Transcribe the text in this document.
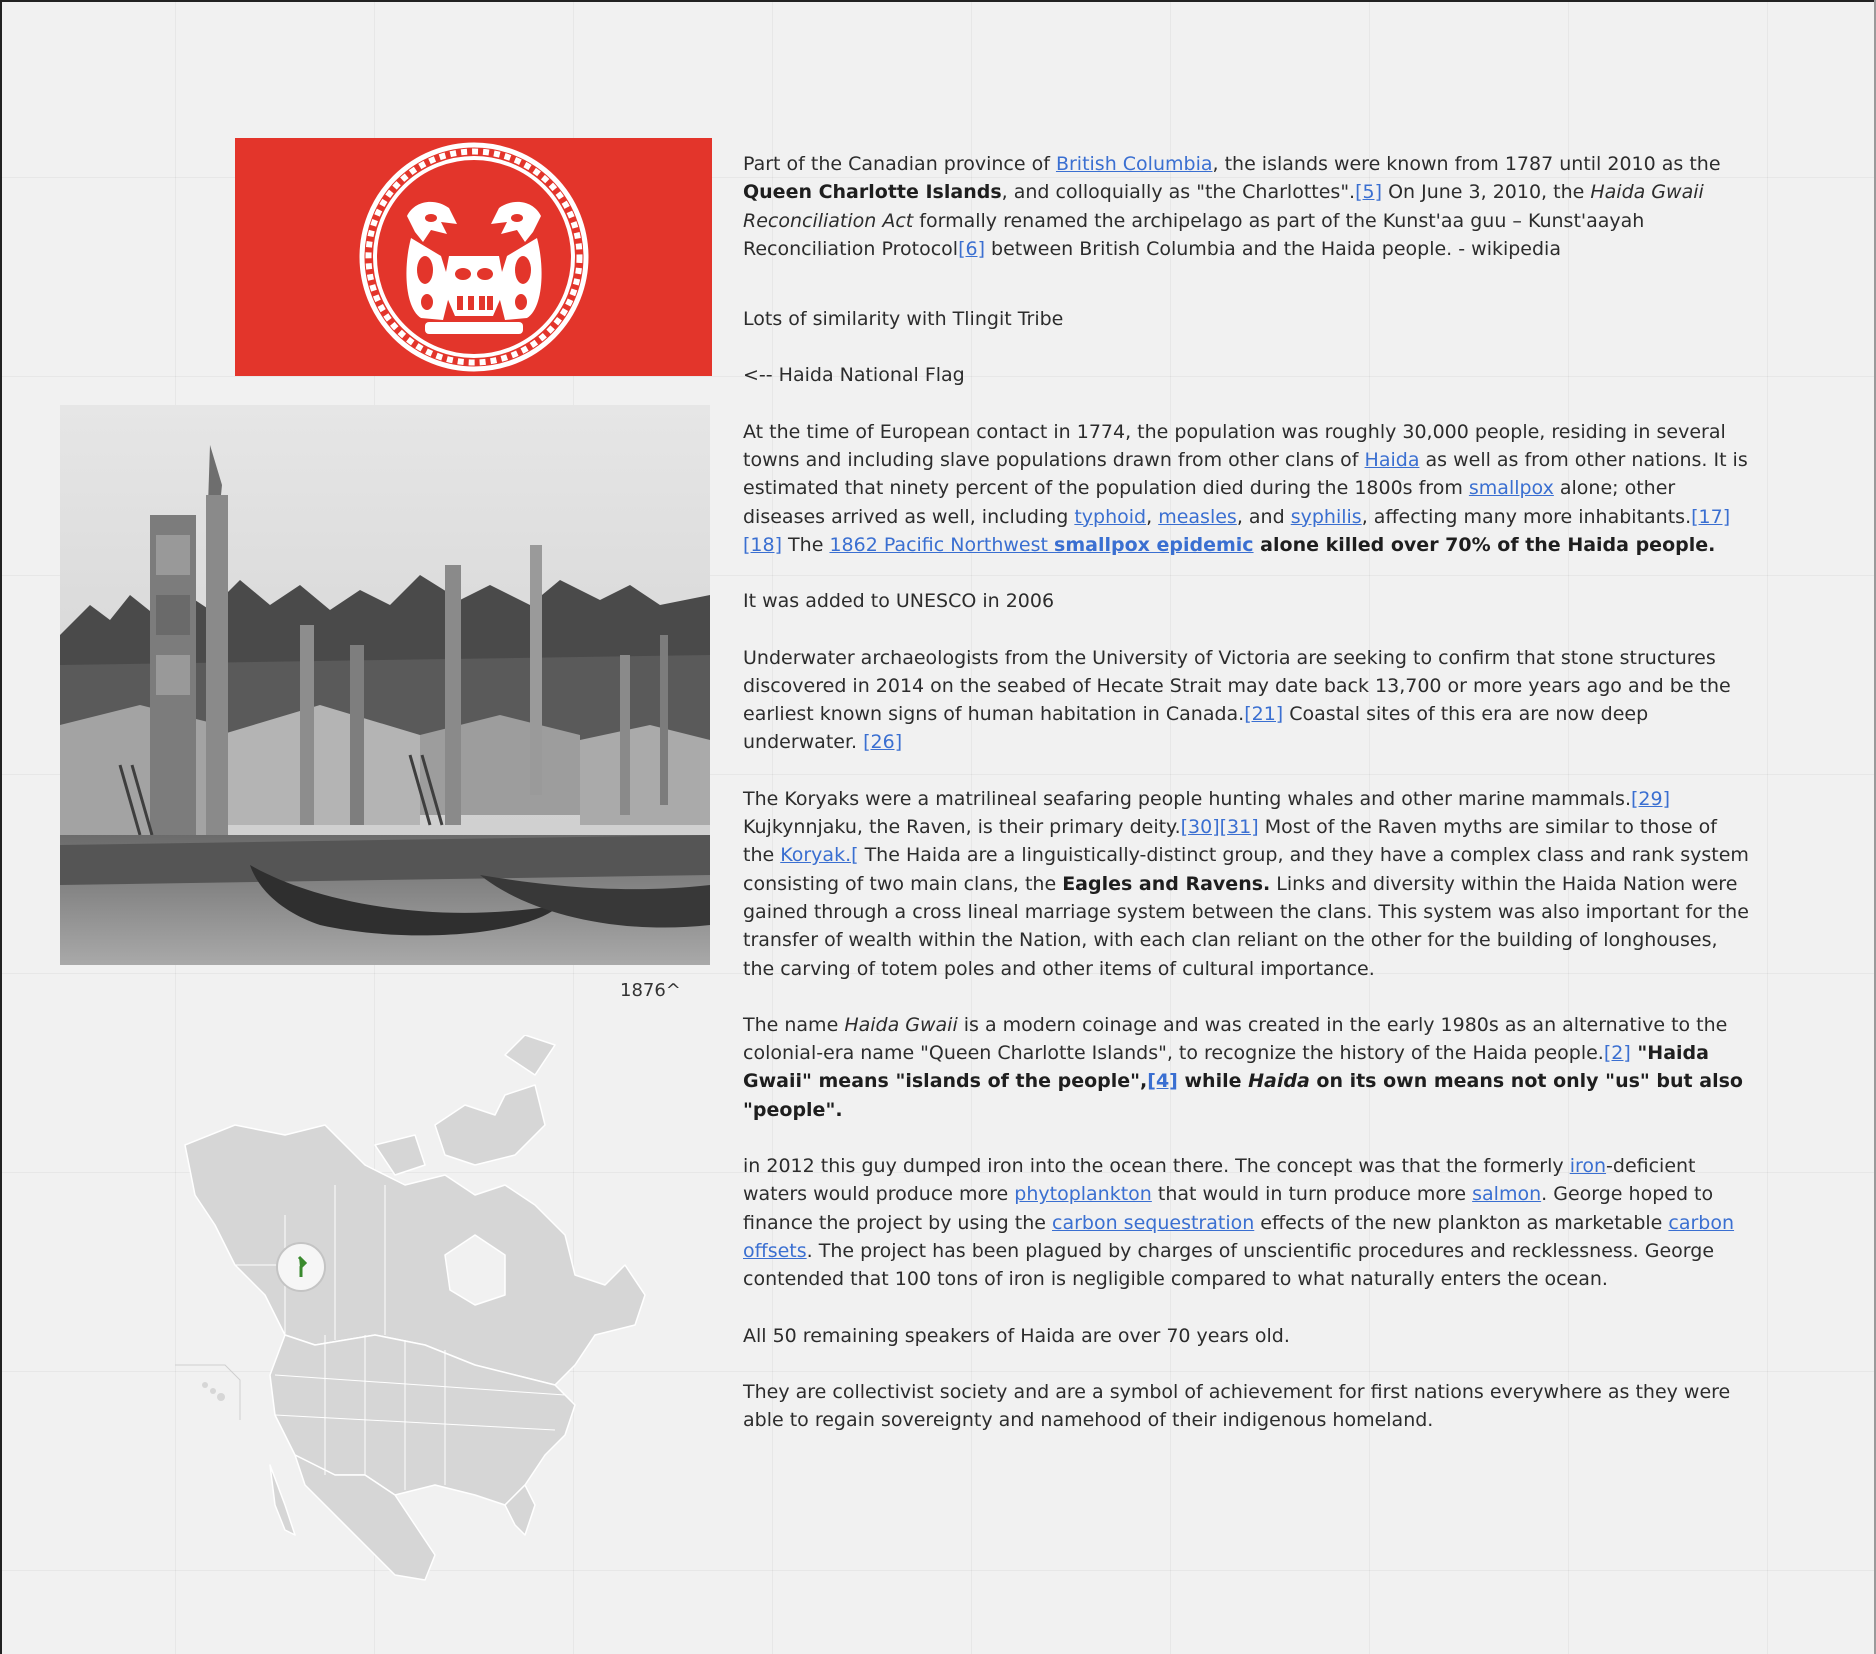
1876^

Part of the Canadian province of British Columbia, the islands were known from 1787 until 2010 as the Queen Charlotte Islands, and colloquially as "the Charlottes".[5] On June 3, 2010, the Haida Gwaii Reconciliation Act formally renamed the archipelago as part of the Kunst'aa guu – Kunst'aayah Reconciliation Protocol[6] between British Columbia and the Haida people. - wikipedia

Lots of similarity with Tlingit Tribe

<-- Haida National Flag

At the time of European contact in 1774, the population was roughly 30,000 people, residing in several towns and including slave populations drawn from other clans of Haida as well as from other nations. It is estimated that ninety percent of the population died during the 1800s from smallpox alone; other diseases arrived as well, including typhoid, measles, and syphilis, affecting many more inhabitants.[17][18] The 1862 Pacific Northwest smallpox epidemic alone killed over 70% of the Haida people.

It was added to UNESCO in 2006

Underwater archaeologists from the University of Victoria are seeking to confirm that stone structures discovered in 2014 on the seabed of Hecate Strait may date back 13,700 or more years ago and be the earliest known signs of human habitation in Canada.[21] Coastal sites of this era are now deep underwater. [26]

The Koryaks were a matrilineal seafaring people hunting whales and other marine mammals.[29] Kujkynnjaku, the Raven, is their primary deity.[30][31] Most of the Raven myths are similar to those of the Koryak.[ The Haida are a linguistically-distinct group, and they have a complex class and rank system consisting of two main clans, the Eagles and Ravens. Links and diversity within the Haida Nation were gained through a cross lineal marriage system between the clans. This system was also important for the transfer of wealth within the Nation, with each clan reliant on the other for the building of longhouses, the carving of totem poles and other items of cultural importance.

The name Haida Gwaii is a modern coinage and was created in the early 1980s as an alternative to the colonial-era name "Queen Charlotte Islands", to recognize the history of the Haida people.[2] "Haida Gwaii" means "islands of the people",[4] while Haida on its own means not only "us" but also "people".

in 2012 this guy dumped iron into the ocean there. The concept was that the formerly iron-deficient waters would produce more phytoplankton that would in turn produce more salmon. George hoped to finance the project by using the carbon sequestration effects of the new plankton as marketable carbon offsets. The project has been plagued by charges of unscientific procedures and recklessness. George contended that 100 tons of iron is negligible compared to what naturally enters the ocean.

All 50 remaining speakers of Haida are over 70 years old.

They are collectivist society and are a symbol of achievement for first nations everywhere as they were able to regain sovereignty and namehood of their indigenous homeland.
